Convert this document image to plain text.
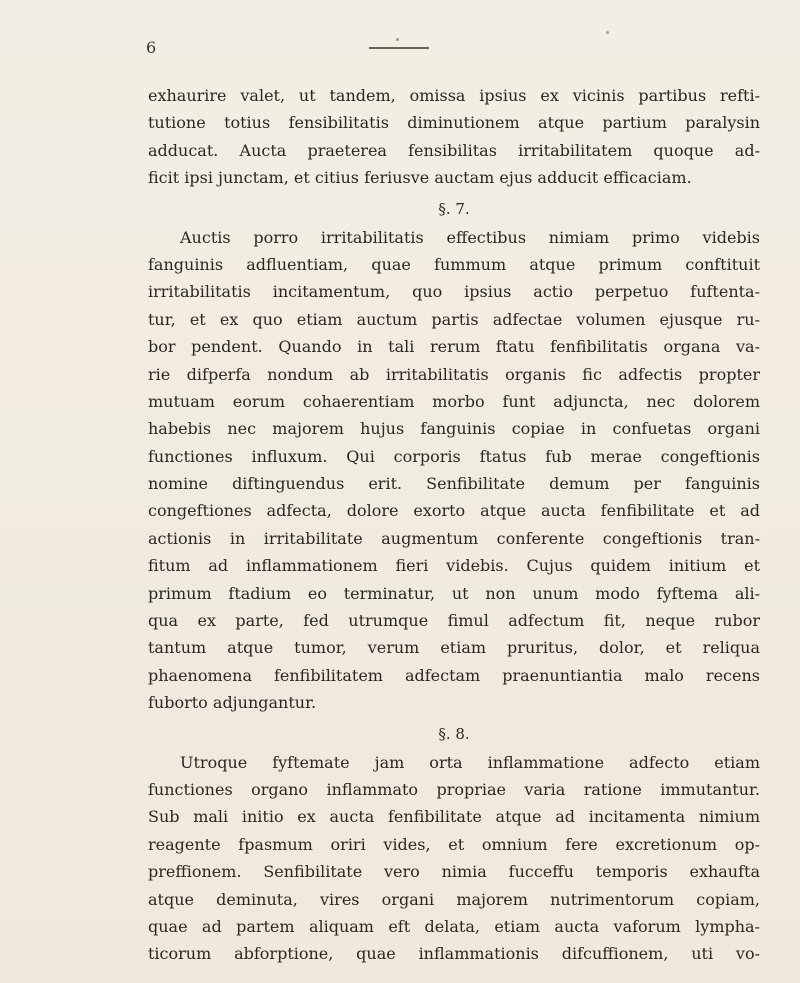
6
exhaurire valet, ut tandem, omissa ipsius ex vicinis partibus refti-
tutione totius fensibilitatis diminutionem atque partium paralysin
adducat. Aucta praeterea fensibilitas irritabilitatem quoque ad-
ficit ipsi junctam, et citius feriusve auctam ejus adducit efficaciam.
§. 7.
Auctis porro irritabilitatis effectibus nimiam primo videbis
fanguinis adfluentiam, quae fummum atque primum conftituit
irritabilitatis incitamentum, quo ipsius actio perpetuo fuftenta-
tur, et ex quo etiam auctum partis adfectae volumen ejusque ru-
bor pendent. Quando in tali rerum ftatu fenfibilitatis organa va-
rie difperfa nondum ab irritabilitatis organis fic adfectis propter
mutuam eorum cohaerentiam morbo funt adjuncta, nec dolorem
habebis nec majorem hujus fanguinis copiae in confuetas organi
functiones influxum. Qui corporis ftatus fub merae congeftionis
nomine diftinguendus erit. Senfibilitate demum per fanguinis
congeftiones adfecta, dolore exorto atque aucta fenfibilitate et ad
actionis in irritabilitate augmentum conferente congeftionis tran-
fitum ad inflammationem fieri videbis. Cujus quidem initium et
primum ftadium eo terminatur, ut non unum modo fyftema ali-
qua ex parte, fed utrumque fimul adfectum fit, neque rubor
tantum atque tumor, verum etiam pruritus, dolor, et reliqua
phaenomena fenfibilitatem adfectam praenuntiantia malo recens
fuborto adjungantur.
§. 8.
Utroque fyftemate jam orta inflammatione adfecto etiam
functiones organo inflammato propriae varia ratione immutantur.
Sub mali initio ex aucta fenfibilitate atque ad incitamenta nimium
reagente fpasmum oriri vides, et omnium fere excretionum op-
preffionem. Senfibilitate vero nimia fucceffu temporis exhaufta
atque deminuta, vires organi majorem nutrimentorum copiam,
quae ad partem aliquam eft delata, etiam aucta vaforum lympha-
ticorum abforptione, quae inflammationis difcuffionem, uti vo-
